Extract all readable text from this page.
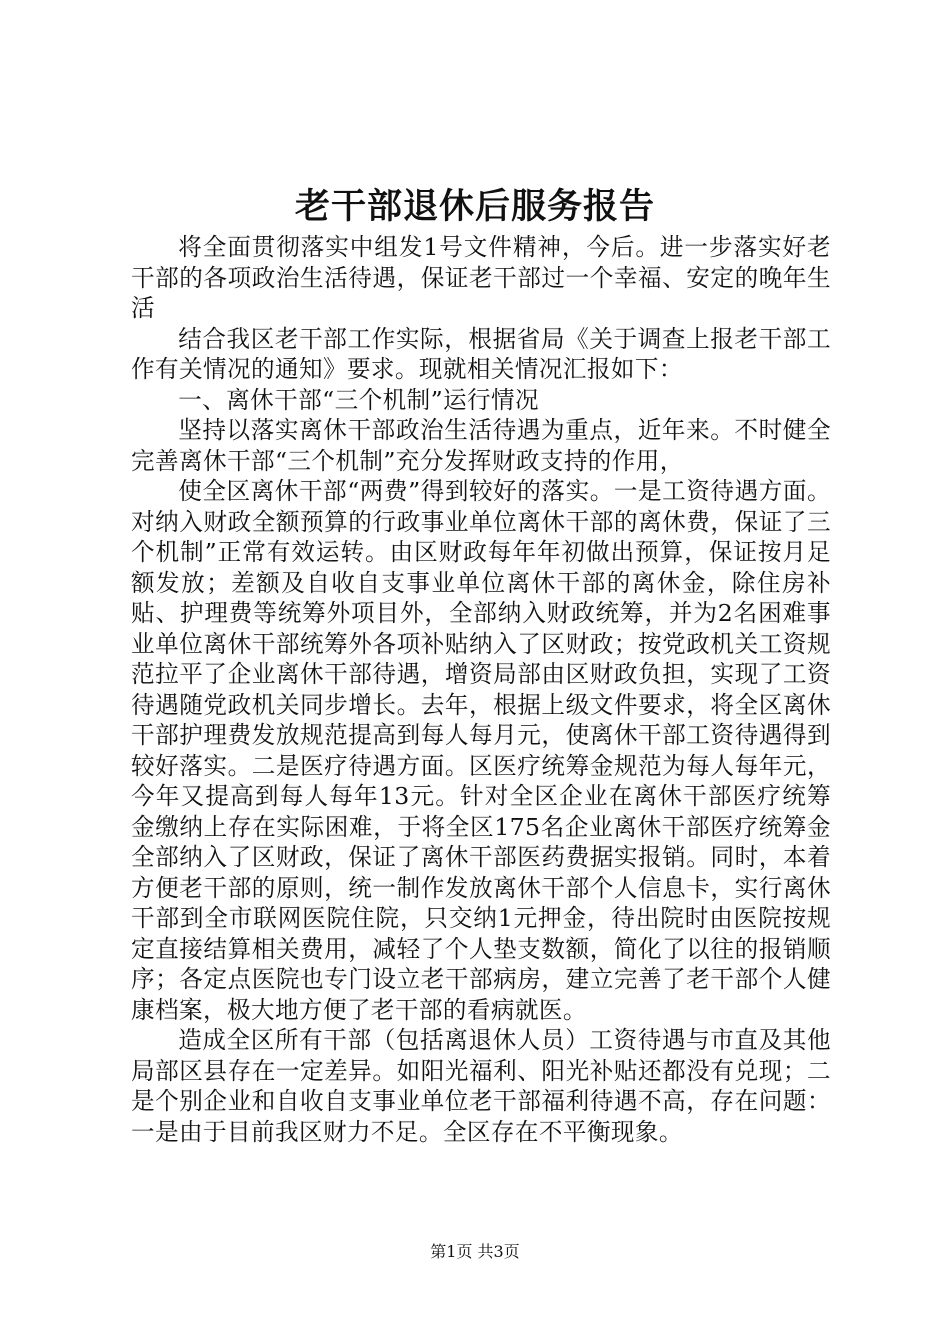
老干部退休后服务报告

将全面贯彻落实中组发1号文件精神，今后。进一步落实好老干部的各项政治生活待遇，保证老干部过一个幸福、安定的晚年生活

结合我区老干部工作实际，根据省局《关于调查上报老干部工作有关情况的通知》要求。现就相关情况汇报如下：

一、离休干部“三个机制”运行情况

坚持以落实离休干部政治生活待遇为重点，近年来。不时健全完善离休干部“三个机制”充分发挥财政支持的作用，

使全区离休干部“两费”得到较好的落实。一是工资待遇方面。对纳入财政全额预算的行政事业单位离休干部的离休费，保证了三个机制”正常有效运转。由区财政每年年初做出预算，保证按月足额发放；差额及自收自支事业单位离休干部的离休金，除住房补贴、护理费等统筹外项目外，全部纳入财政统筹，并为2名困难事业单位离休干部统筹外各项补贴纳入了区财政；按党政机关工资规范拉平了企业离休干部待遇，增资局部由区财政负担，实现了工资待遇随党政机关同步增长。去年，根据上级文件要求，将全区离休干部护理费发放规范提高到每人每月元，使离休干部工资待遇得到较好落实。二是医疗待遇方面。区医疗统筹金规范为每人每年元，今年又提高到每人每年13元。针对全区企业在离休干部医疗统筹金缴纳上存在实际困难，于将全区175名企业离休干部医疗统筹金全部纳入了区财政，保证了离休干部医药费据实报销。同时，本着方便老干部的原则，统一制作发放离休干部个人信息卡，实行离休干部到全市联网医院住院，只交纳1元押金，待出院时由医院按规定直接结算相关费用，减轻了个人垫支数额，简化了以往的报销顺序；各定点医院也专门设立老干部病房，建立完善了老干部个人健康档案，极大地方便了老干部的看病就医。

造成全区所有干部（包括离退休人员）工资待遇与市直及其他局部区县存在一定差异。如阳光福利、阳光补贴还都没有兑现；二是个别企业和自收自支事业单位老干部福利待遇不高，存在问题：一是由于目前我区财力不足。全区存在不平衡现象。

第1页 共3页
